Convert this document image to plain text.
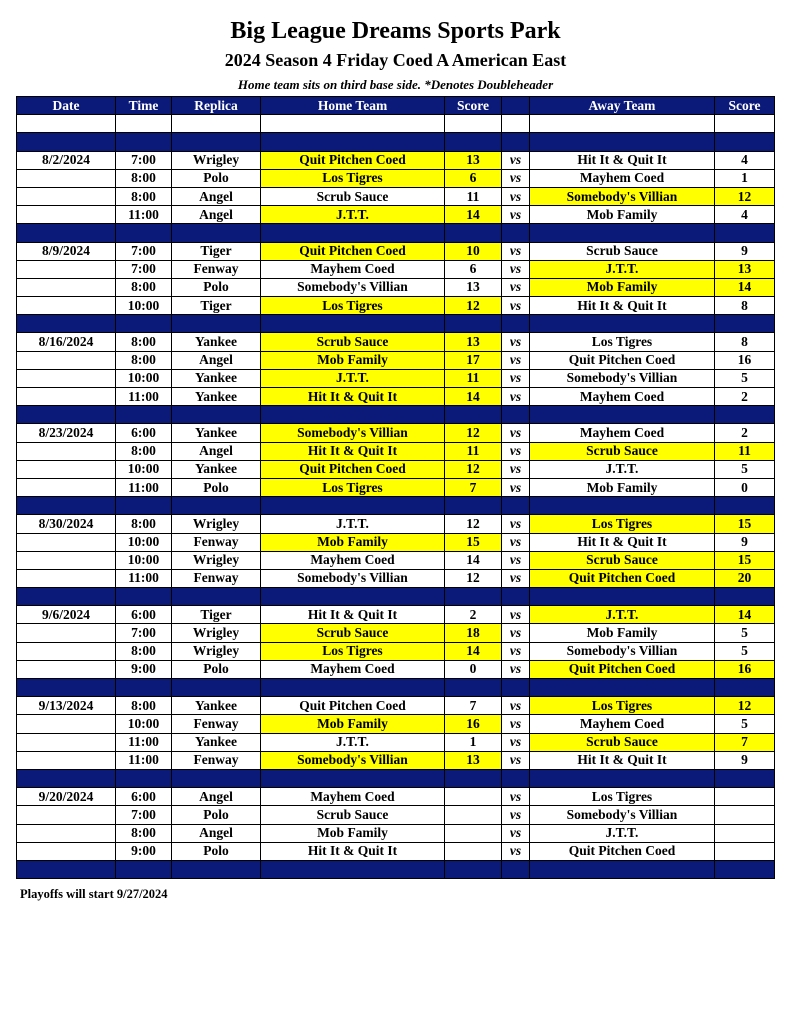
Big League Dreams Sports Park
2024 Season 4 Friday Coed A American East
Home team sits on third base side. *Denotes Doubleheader
Date	Time	Replica	Home Team	Score		Away Team	Score

8/2/2024	7:00	Wrigley	Quit Pitchen Coed	13	vs	Hit It & Quit It	4
	8:00	Polo	Los Tigres	6	vs	Mayhem Coed	1
	8:00	Angel	Scrub Sauce	11	vs	Somebody's Villian	12
	11:00	Angel	J.T.T.	14	vs	Mob Family	4

8/9/2024	7:00	Tiger	Quit Pitchen Coed	10	vs	Scrub Sauce	9
	7:00	Fenway	Mayhem Coed	6	vs	J.T.T.	13
	8:00	Polo	Somebody's Villian	13	vs	Mob Family	14
	10:00	Tiger	Los Tigres	12	vs	Hit It & Quit It	8

8/16/2024	8:00	Yankee	Scrub Sauce	13	vs	Los Tigres	8
	8:00	Angel	Mob Family	17	vs	Quit Pitchen Coed	16
	10:00	Yankee	J.T.T.	11	vs	Somebody's Villian	5
	11:00	Yankee	Hit It & Quit It	14	vs	Mayhem Coed	2

8/23/2024	6:00	Yankee	Somebody's Villian	12	vs	Mayhem Coed	2
	8:00	Angel	Hit It & Quit It	11	vs	Scrub Sauce	11
	10:00	Yankee	Quit Pitchen Coed	12	vs	J.T.T.	5
	11:00	Polo	Los Tigres	7	vs	Mob Family	0

8/30/2024	8:00	Wrigley	J.T.T.	12	vs	Los Tigres	15
	10:00	Fenway	Mob Family	15	vs	Hit It & Quit It	9
	10:00	Wrigley	Mayhem Coed	14	vs	Scrub Sauce	15
	11:00	Fenway	Somebody's Villian	12	vs	Quit Pitchen Coed	20

9/6/2024	6:00	Tiger	Hit It & Quit It	2	vs	J.T.T.	14
	7:00	Wrigley	Scrub Sauce	18	vs	Mob Family	5
	8:00	Wrigley	Los Tigres	14	vs	Somebody's Villian	5
	9:00	Polo	Mayhem Coed	0	vs	Quit Pitchen Coed	16

9/13/2024	8:00	Yankee	Quit Pitchen Coed	7	vs	Los Tigres	12
	10:00	Fenway	Mob Family	16	vs	Mayhem Coed	5
	11:00	Yankee	J.T.T.	1	vs	Scrub Sauce	7
	11:00	Fenway	Somebody's Villian	13	vs	Hit It & Quit It	9

9/20/2024	6:00	Angel	Mayhem Coed		vs	Los Tigres	
	7:00	Polo	Scrub Sauce		vs	Somebody's Villian	
	8:00	Angel	Mob Family		vs	J.T.T.	
	9:00	Polo	Hit It & Quit It		vs	Quit Pitchen Coed	

Playoffs will start 9/27/2024
